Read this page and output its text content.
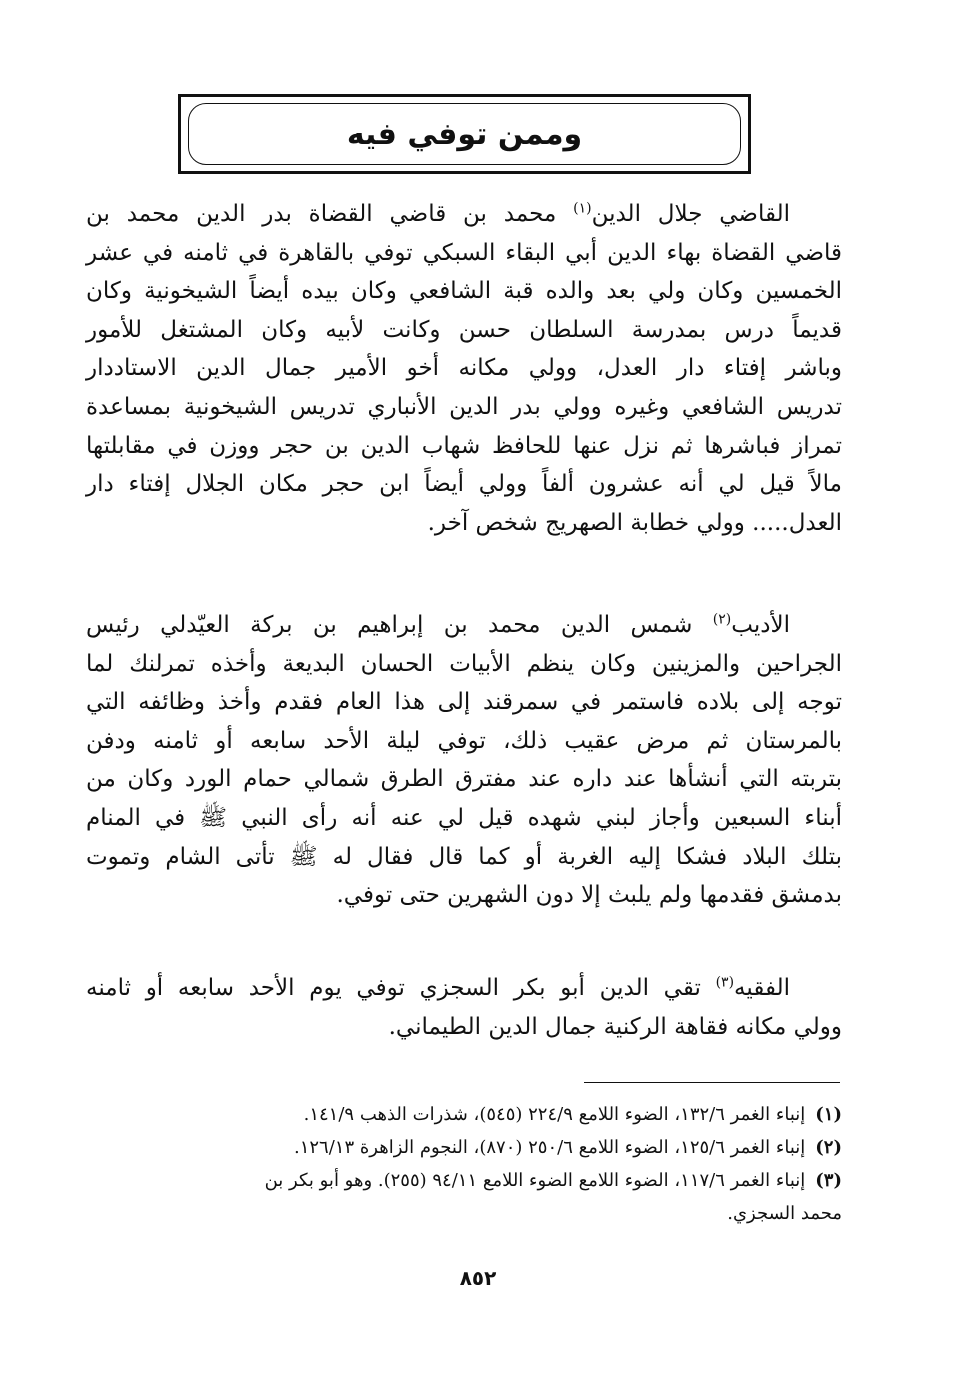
وممن توفي فيه
القاضي جلال الدين$^{(١)}$ محمد بن قاضي القضاة بدر الدين محمد بن
قاضي القضاة بهاء الدين أبي البقاء السبكي توفي بالقاهرة في ثامنه في عشر
الخمسين وكان ولي بعد والده قبة الشافعي وكان بيده أيضاً الشيخونية وكان
قديماً درس بمدرسة السلطان حسن وكانت لأبيه وكان المشتغل للأمور
وباشر إفتاء دار العدل، وولي مكانه أخو الأمير جمال الدين الاستاددار
تدريس الشافعي وغيره وولي بدر الدين الأنباري تدريس الشيخونية بمساعدة
تمراز فباشرها ثم نزل عنها للحافظ شهاب الدين بن حجر ووزن في مقابلتها
مالاً قيل لي أنه عشرون ألفاً وولي أيضاً ابن حجر مكان الجلال إفتاء دار
العدل..... وولي خطابة الصهريج شخص آخر.
الأديب$^{(٢)}$ شمس الدين محمد بن إبراهيم بن بركة العيّدلي رئيس
الجراحين والمزينين وكان ينظم الأبيات الحسان البديعة وأخذه تمرلنك لما
توجه إلى بلاده فاستمر في سمرقند إلى هذا العام فقدم وأخذ وظائفه التي
بالمرستان ثم مرض عقيب ذلك، توفي ليلة الأحد سابعه أو ثامنه ودفن
بتربته التي أنشأها عند داره عند مفترق الطرق شمالي حمام الورد وكان من
أبناء السبعين وأجاز لبني شهده قيل لي عنه أنه رأى النبي ﷺ في المنام
بتلك البلاد فشكا إليه الغربة أو كما قال فقال له ﷺ تأتى الشام وتموت
بدمشق فقدمها ولم يلبث إلا دون الشهرين حتى توفي.
الفقيه$^{(٣)}$ تقي الدين أبو بكر السجزي توفي يوم الأحد سابعه أو ثامنه
وولي مكانه فقاهة الركنية جمال الدين الطيماني.
(١)إنباء الغمر ١٣٢/٦، الضوء اللامع ٢٢٤/٩ (٥٤٥)، شذرات الذهب ١٤١/٩.
(٢)إنباء الغمر ١٢٥/٦، الضوء اللامع ٢٥٠/٦ (٨٧٠)، النجوم الزاهرة ١٢٦/١٣.
(٣)إنباء الغمر ١١٧/٦، الضوء اللامع الضوء اللامع ٩٤/١١ (٢٥٥). وهو أبو بكر بن
محمد السجزي.
٨٥٢
